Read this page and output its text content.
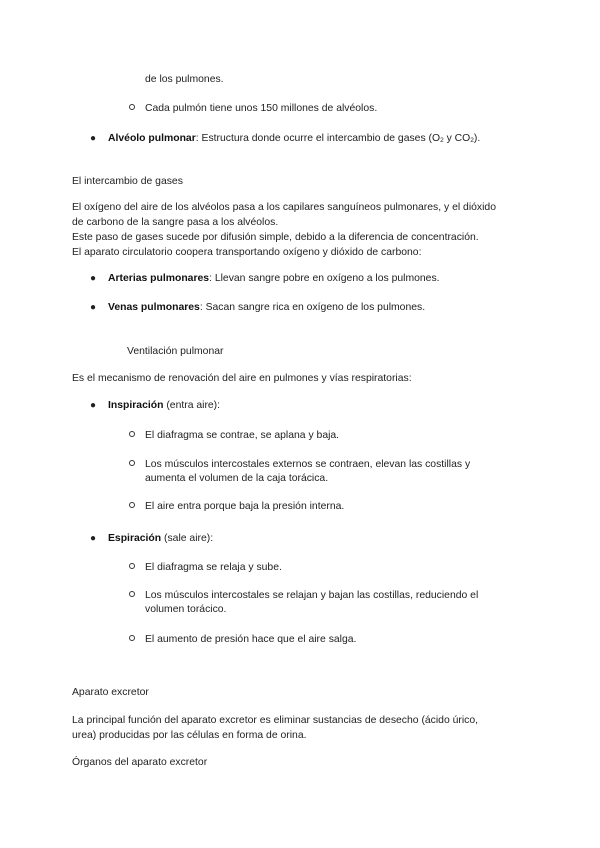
de los pulmones.
Cada pulmón tiene unos 150 millones de alvéolos.
● Alvéolo pulmonar: Estructura donde ocurre el intercambio de gases ($O_2$ y $CO_2$).
El intercambio de gases
El oxígeno del aire de los alvéolos pasa a los capilares sanguíneos pulmonares, y el dióxido
de carbono de la sangre pasa a los alvéolos.
Este paso de gases sucede por difusión simple, debido a la diferencia de concentración.
El aparato circulatorio coopera transportando oxígeno y dióxido de carbono:
● Arterias pulmonares: Llevan sangre pobre en oxígeno a los pulmones.
● Venas pulmonares: Sacan sangre rica en oxígeno de los pulmones.
Ventilación pulmonar
Es el mecanismo de renovación del aire en pulmones y vías respiratorias:
● Inspiración (entra aire):
El diafragma se contrae, se aplana y baja.
Los músculos intercostales externos se contraen, elevan las costillas y
aumenta el volumen de la caja torácica.
El aire entra porque baja la presión interna.
● Espiración (sale aire):
El diafragma se relaja y sube.
Los músculos intercostales se relajan y bajan las costillas, reduciendo el
volumen torácico.
El aumento de presión hace que el aire salga.
Aparato excretor
La principal función del aparato excretor es eliminar sustancias de desecho (ácido úrico,
urea) producidas por las células en forma de orina.
Órganos del aparato excretor
